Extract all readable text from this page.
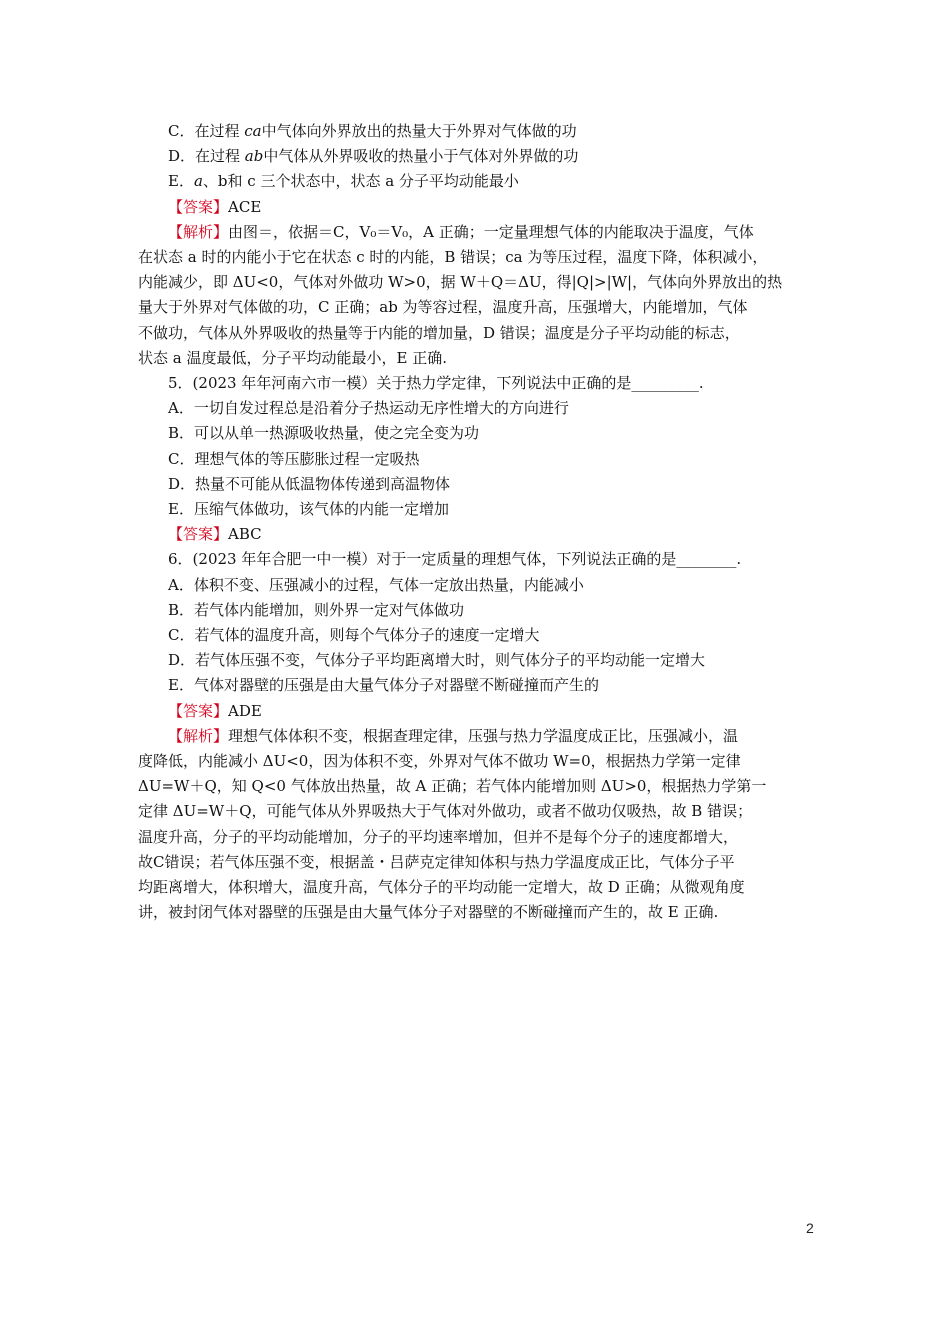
C．在过程 ca中气体向外界放出的热量大于外界对气体做的功
D．在过程 ab中气体从外界吸收的热量小于气体对外界做的功
E．a、b和 c 三个状态中，状态 a 分子平均动能最小
【答案】ACE
【解析】由图＝，依据＝C，V₀＝V₀，A 正确；一定量理想气体的内能取决于温度，气体
在状态 a 时的内能小于它在状态 c 时的内能，B 错误；ca 为等压过程，温度下降，体积减小，
内能减少，即 ΔU<0，气体对外做功 W>0，据 W＋Q＝ΔU，得|Q|>|W|，气体向外界放出的热
量大于外界对气体做的功，C 正确；ab 为等容过程，温度升高，压强增大，内能增加，气体
不做功，气体从外界吸收的热量等于内能的增加量，D 错误；温度是分子平均动能的标志，
状态 a 温度最低，分子平均动能最小，E 正确.
5．(2023 年年河南六市一模）关于热力学定律，下列说法中正确的是_________.
A．一切自发过程总是沿着分子热运动无序性增大的方向进行
B．可以从单一热源吸收热量，使之完全变为功
C．理想气体的等压膨胀过程一定吸热
D．热量不可能从低温物体传递到高温物体
E．压缩气体做功，该气体的内能一定增加
【答案】ABC
6．(2023 年年合肥一中一模）对于一定质量的理想气体，下列说法正确的是________.
A．体积不变、压强减小的过程，气体一定放出热量，内能减小
B．若气体内能增加，则外界一定对气体做功
C．若气体的温度升高，则每个气体分子的速度一定增大
D．若气体压强不变，气体分子平均距离增大时，则气体分子的平均动能一定增大
E．气体对器壁的压强是由大量气体分子对器壁不断碰撞而产生的
【答案】ADE
【解析】理想气体体积不变，根据查理定律，压强与热力学温度成正比，压强减小，温
度降低，内能减小 ΔU<0，因为体积不变，外界对气体不做功 W=0，根据热力学第一定律
ΔU=W＋Q，知 Q<0 气体放出热量，故 A 正确；若气体内能增加则 ΔU>0，根据热力学第一
定律 ΔU=W＋Q，可能气体从外界吸热大于气体对外做功，或者不做功仅吸热，故 B 错误；
温度升高，分子的平均动能增加，分子的平均速率增加，但并不是每个分子的速度都增大，
故C错误；若气体压强不变，根据盖・吕萨克定律知体积与热力学温度成正比，气体分子平
均距离增大，体积增大，温度升高，气体分子的平均动能一定增大，故 D 正确；从微观角度
讲，被封闭气体对器壁的压强是由大量气体分子对器壁的不断碰撞而产生的，故 E 正确.
2
